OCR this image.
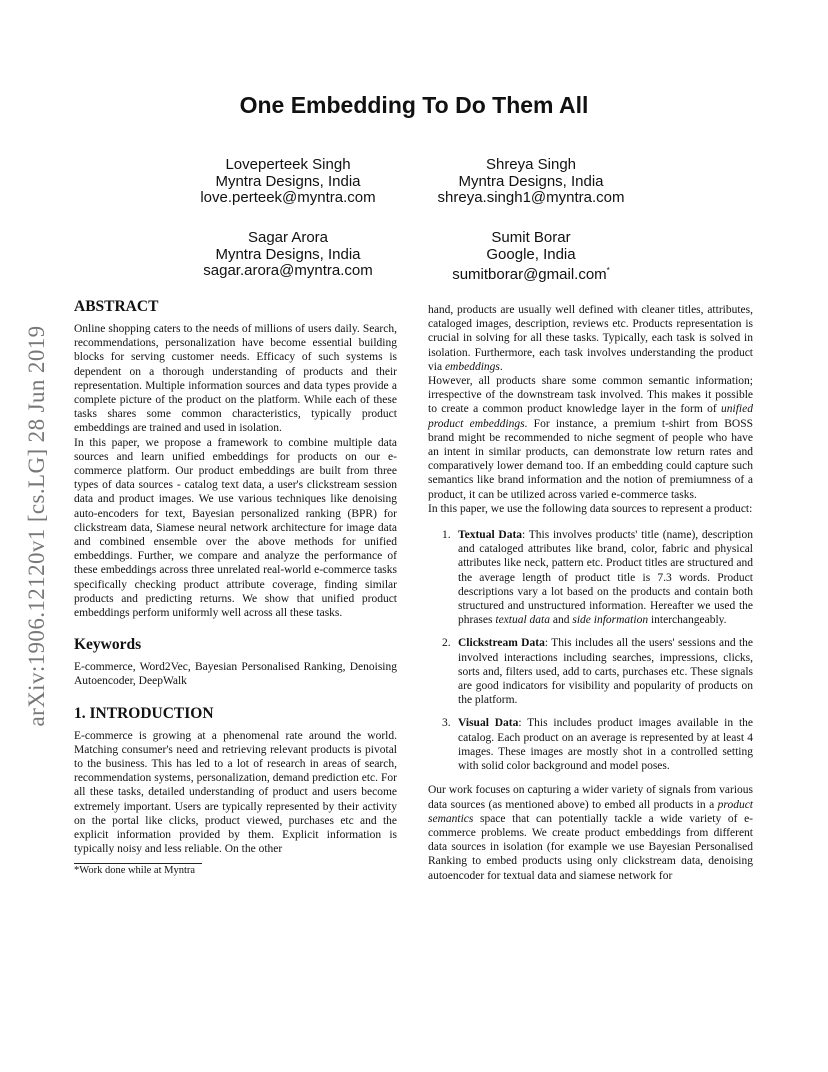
arXiv:1906.12120v1 [cs.LG] 28 Jun 2019
One Embedding To Do Them All
Loveperteek Singh
Myntra Designs, India
love.perteek@myntra.com
Shreya Singh
Myntra Designs, India
shreya.singh1@myntra.com
Sagar Arora
Myntra Designs, India
sagar.arora@myntra.com
Sumit Borar
Google, India
sumitborar@gmail.com*
ABSTRACT

Online shopping caters to the needs of millions of users daily. Search, recommendations, personalization have become essential building blocks for serving customer needs. Efficacy of such systems is dependent on a thorough understanding of products and their representation. Multiple information sources and data types provide a complete picture of the product on the platform. While each of these tasks shares some common characteristics, typically product embeddings are trained and used in isolation.

In this paper, we propose a framework to combine multiple data sources and learn unified embeddings for products on our e-commerce platform. Our product embeddings are built from three types of data sources - catalog text data, a user's clickstream session data and product images. We use various techniques like denoising auto-encoders for text, Bayesian personalized ranking (BPR) for clickstream data, Siamese neural network architecture for image data and combined ensemble over the above methods for unified embeddings. Further, we compare and analyze the performance of these embeddings across three unrelated real-world e-commerce tasks specifically checking product attribute coverage, finding similar products and predicting returns. We show that unified product embeddings perform uniformly well across all these tasks.

Keywords

E-commerce, Word2Vec, Bayesian Personalised Ranking, Denoising Autoencoder, DeepWalk

1. INTRODUCTION

E-commerce is growing at a phenomenal rate around the world. Matching consumer's need and retrieving relevant products is pivotal to the business. This has led to a lot of research in areas of search, recommendation systems, personalization, demand prediction etc. For all these tasks, detailed understanding of product and users become extremely important. Users are typically represented by their activity on the portal like clicks, product viewed, purchases etc and the explicit information provided by them. Explicit information is typically noisy and less reliable. On the other

*Work done while at Myntra

hand, products are usually well defined with cleaner titles, attributes, cataloged images, description, reviews etc. Products representation is crucial in solving for all these tasks. Typically, each task is solved in isolation. Furthermore, each task involves understanding the product via embeddings.

However, all products share some common semantic information; irrespective of the downstream task involved. This makes it possible to create a common product knowledge layer in the form of unified product embeddings. For instance, a premium t-shirt from BOSS brand might be recommended to niche segment of people who have an intent in similar products, can demonstrate low return rates and comparatively lower demand too. If an embedding could capture such semantics like brand information and the notion of premiumness of a product, it can be utilized across varied e-commerce tasks.

In this paper, we use the following data sources to represent a product:

1. Textual Data: This involves products' title (name), description and cataloged attributes like brand, color, fabric and physical attributes like neck, pattern etc. Product titles are structured and the average length of product title is 7.3 words. Product descriptions vary a lot based on the products and contain both structured and unstructured information. Hereafter we used the phrases textual data and side information interchangeably.
2. Clickstream Data: This includes all the users' sessions and the involved interactions including searches, impressions, clicks, sorts and, filters used, add to carts, purchases etc. These signals are good indicators for visibility and popularity of products on the platform.
3. Visual Data: This includes product images available in the catalog. Each product on an average is represented by at least 4 images. These images are mostly shot in a controlled setting with solid color background and model poses.

Our work focuses on capturing a wider variety of signals from various data sources (as mentioned above) to embed all products in a product semantics space that can potentially tackle a wide variety of e-commerce problems. We create product embeddings from different data sources in isolation (for example we use Bayesian Personalised Ranking to embed products using only clickstream data, denoising autoencoder for textual data and siamese network for
